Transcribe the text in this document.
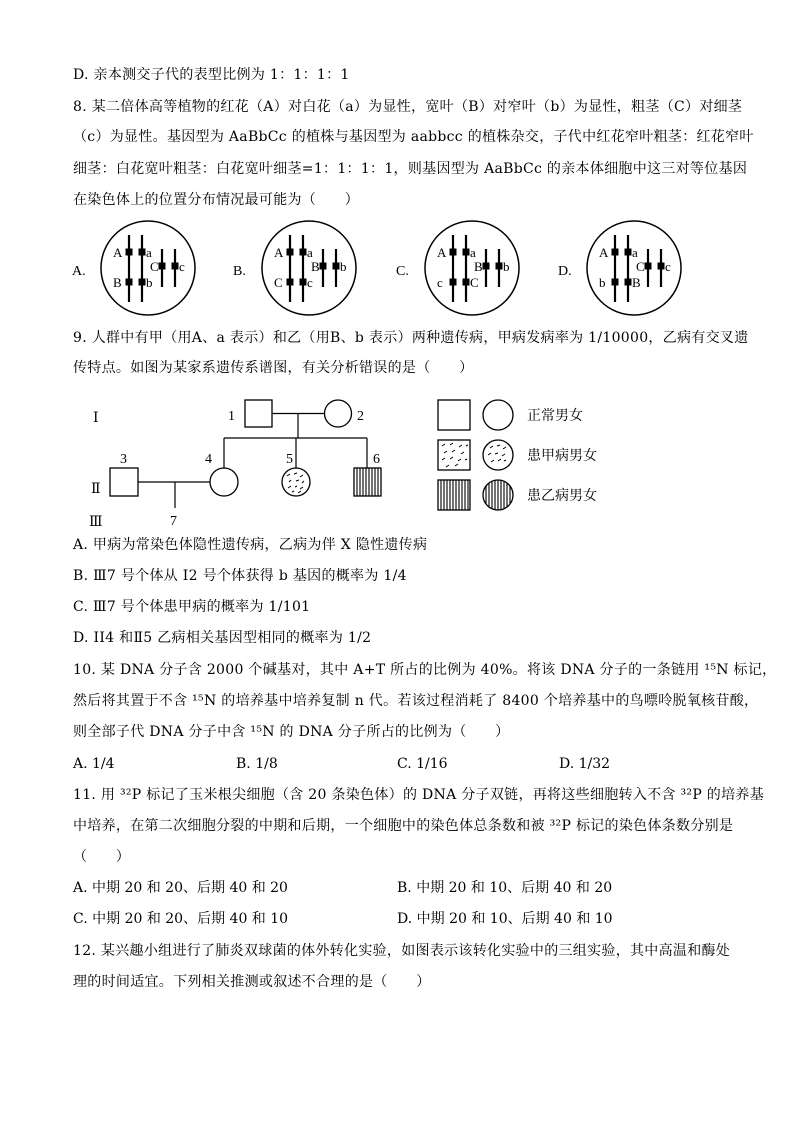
D. 亲本测交子代的表型比例为 1：1：1：1
8. 某二倍体高等植物的红花（A）对白花（a）为显性，宽叶（B）对窄叶（b）为显性，粗茎（C）对细茎
（c）为显性。基因型为 AaBbCc 的植株与基因型为 aabbcc 的植株杂交，子代中红花窄叶粗茎：红花窄叶
细茎：白花宽叶粗茎：白花宽叶细茎=1：1：1：1，则基因型为 AaBbCc 的亲本体细胞中这三对等位基因
在染色体上的位置分布情况最可能为（　　）
A.
A a
B b
C c	B.
A a
C c
B b	C.
A a
c C
B b	D.
A a
b B
C c
9. 人群中有甲（用A、a 表示）和乙（用B、b 表示）两种遗传病，甲病发病率为 1/10000，乙病有交叉遗
传特点。如图为某家系遗传系谱图，有关分析错误的是（　　）
Ⅰ
Ⅱ
Ⅲ
1	2
3	4
7
5	6
正常男女
患甲病男女
患乙病男女
A. 甲病为常染色体隐性遗传病，乙病为伴 X 隐性遗传病
B. Ⅲ7 号个体从 I2 号个体获得 b 基因的概率为 1/4
C. Ⅲ7 号个体患甲病的概率为 1/101
D. II4 和Ⅱ5 乙病相关基因型相同的概率为 1/2
10. 某 DNA 分子含 2000 个碱基对，其中 A+T 所占的比例为 40%。将该 DNA 分子的一条链用 ¹⁵N 标记，
然后将其置于不含 ¹⁵N 的培养基中培养复制 n 代。若该过程消耗了 8400 个培养基中的鸟嘌呤脱氧核苷酸，
则全部子代 DNA 分子中含 ¹⁵N 的 DNA 分子所占的比例为（　　）
A. 1/4	B. 1/8	C. 1/16	D. 1/32
11. 用 ³²P 标记了玉米根尖细胞（含 20 条染色体）的 DNA 分子双链，再将这些细胞转入不含 ³²P 的培养基
中培养，在第二次细胞分裂的中期和后期，一个细胞中的染色体总条数和被 ³²P 标记的染色体条数分别是
（　　）
A. 中期 20 和 20、后期 40 和 20	B. 中期 20 和 10、后期 40 和 20
C. 中期 20 和 20、后期 40 和 10	D. 中期 20 和 10、后期 40 和 10
12. 某兴趣小组进行了肺炎双球菌的体外转化实验，如图表示该转化实验中的三组实验，其中高温和酶处
理的时间适宜。下列相关推测或叙述不合理的是（　　）
